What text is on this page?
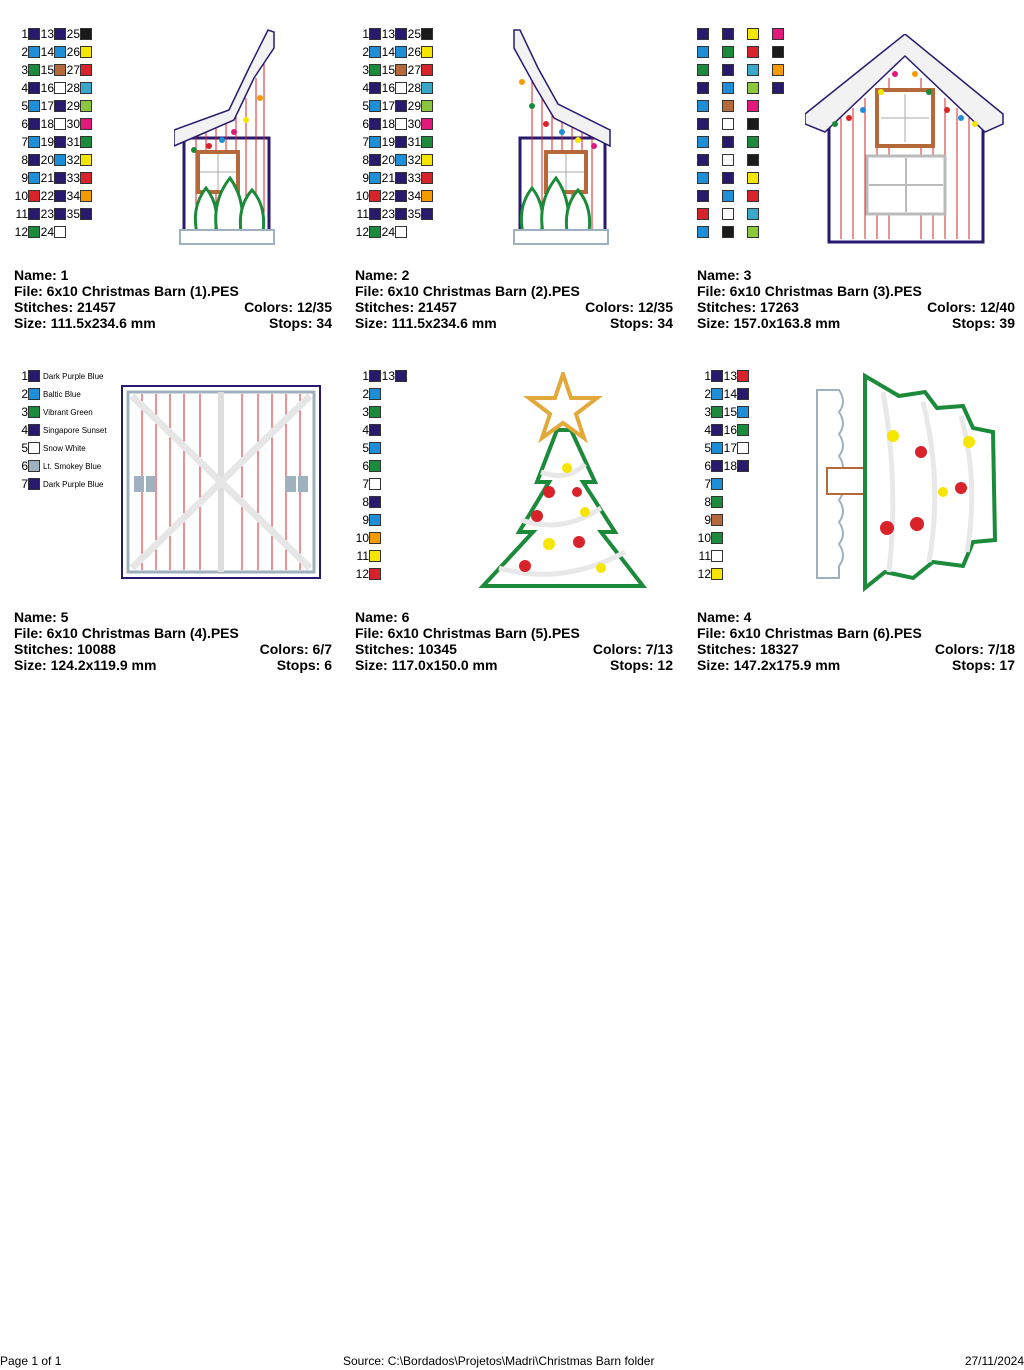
1 13 25
2 14 26
3 15 27
4 16 28
5 17 29
6 18 30
7 19 31
8 20 32
9 21 33
10 22 34
11 23 35
12 24
Name: 1
File: 6x10 Christmas Barn (1).PES
Stitches: 21457	Colors: 12/35
Size: 111.5x234.6 mm	Stops: 34
1 13 25
2 14 26
3 15 27
4 16 28
5 17 29
6 18 30
7 19 31
8 20 32
9 21 33
10 22 34
11 23 35
12 24
Name: 2
File: 6x10 Christmas Barn (2).PES
Stitches: 21457	Colors: 12/35
Size: 111.5x234.6 mm	Stops: 34
Name: 3
File: 6x10 Christmas Barn (3).PES
Stitches: 17263	Colors: 12/40
Size: 157.0x163.8 mm	Stops: 39
1 Dark Purple Blue
2 Baltic Blue
3 Vibrant Green
4 Singapore Sunset
5 Snow White
6 Lt. Smokey Blue
7 Dark Purple Blue
Name: 5
File: 6x10 Christmas Barn (4).PES
Stitches: 10088	Colors: 6/7
Size: 124.2x119.9 mm	Stops: 6
1 13
2
3
4
5
6
7
8
9
10
11
12
Name: 6
File: 6x10 Christmas Barn (5).PES
Stitches: 10345	Colors: 7/13
Size: 117.0x150.0 mm	Stops: 12
1 13
2 14
3 15
4 16
5 17
6 18
7
8
9
10
11
12
Name: 4
File: 6x10 Christmas Barn (6).PES
Stitches: 18327	Colors: 7/18
Size: 147.2x175.9 mm	Stops: 17
Page 1 of 1	Source: C:\Bordados\Projetos\Madri\Christmas Barn folder	27/11/2024
